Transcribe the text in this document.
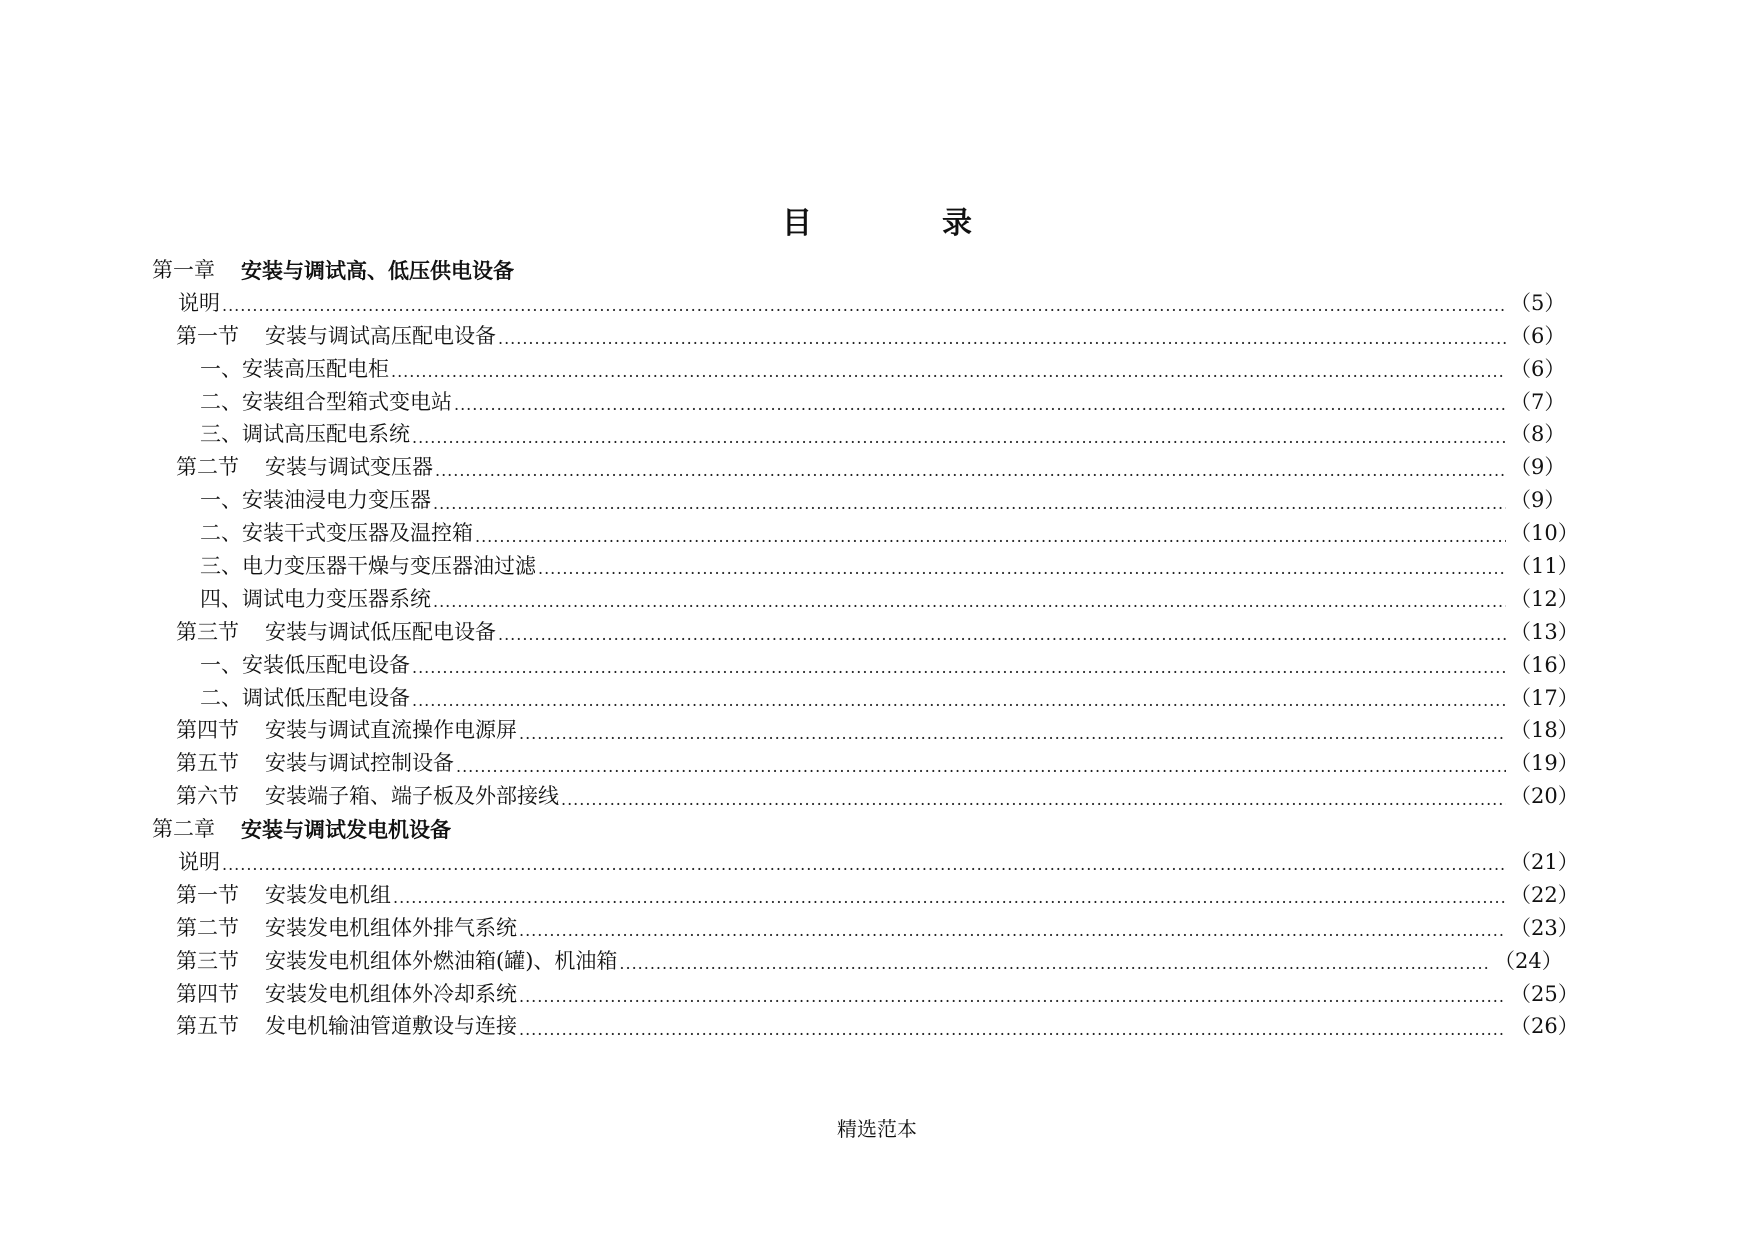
目　录
第一章 安装与调试高、低压供电设备
说明 .....	（5）
第一节 安装与调试高压配电设备 .....	（6）
一、安装高压配电柜 .....	（6）
二、安装组合型箱式变电站 .....	（7）
三、调试高压配电系统 .....	（8）
第二节 安装与调试变压器 .....	（9）
一、安装油浸电力变压器 .....	（9）
二、安装干式变压器及温控箱 .....	（10）
三、电力变压器干燥与变压器油过滤 .....	（11）
四、调试电力变压器系统 .....	（12）
第三节 安装与调试低压配电设备 .....	（13）
一、安装低压配电设备 .....	（16）
二、调试低压配电设备 .....	（17）
第四节 安装与调试直流操作电源屏 .....	（18）
第五节 安装与调试控制设备 .....	（19）
第六节 安装端子箱、端子板及外部接线 .....	（20）
第二章 安装与调试发电机设备
说明 .....	（21）
第一节 安装发电机组 .....	（22）
第二节 安装发电机组体外排气系统 .....	（23）
第三节 安装发电机组体外燃油箱(罐)、机油箱 .....	（24）
第四节 安装发电机组体外冷却系统 .....	（25）
第五节 发电机输油管道敷设与连接 .....	（26）

精选范本
